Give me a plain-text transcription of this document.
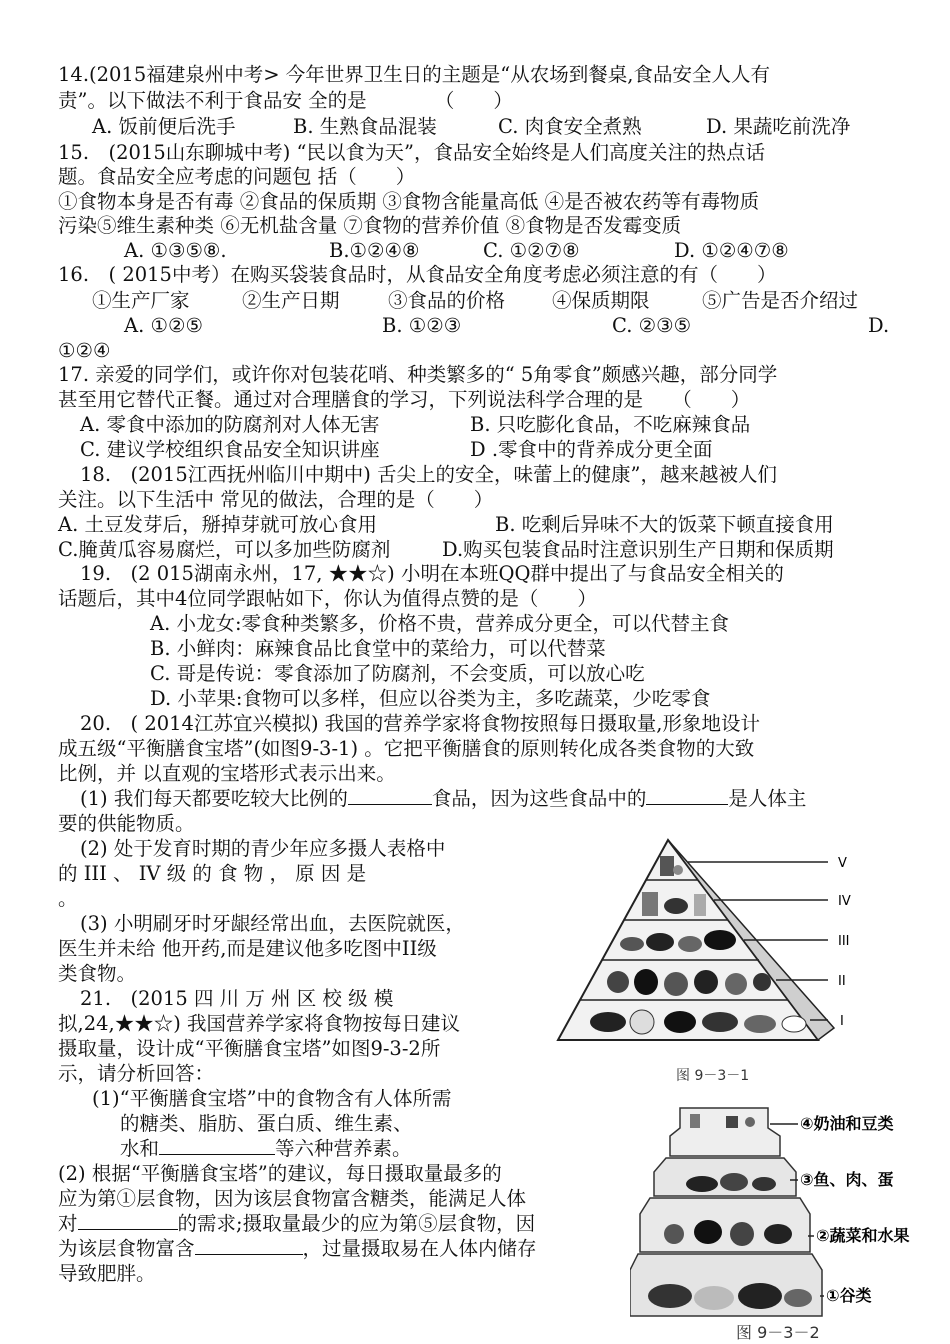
14.(2015福建泉州中考> 今年世界卫生日的主题是“从农场到餐桌,食品安全人人有
责”。以下做法不利于食品安 全的是　　　　（　　）
A. 饭前便后洗手	B. 生熟食品混装	C. 肉食安全煮熟	D. 果蔬吃前洗净
15.　(2015山东聊城中考) “民以食为天”，食品安全始终是人们高度关注的热点话
题。食品安全应考虑的问题包 括（　　）
①食物本身是否有毒 ②食品的保质期 ③食物含能量高低 ④是否被农药等有毒物质
污染⑤维生素种类 ⑥无机盐含量 ⑦食物的营养价值 ⑧食物是否发霉变质
A. ①③⑤⑧.	B.①②④⑧	C. ①②⑦⑧	D. ①②④⑦⑧
16.　( 2015中考）在购买袋装食品时，从食品安全角度考虑必须注意的有（　　）
①生产厂家	②生产日期 ③食品的价格 ④保质期限	⑤广告是否介绍过
A. ①②⑤	B. ①②③	C. ②③⑤	D.
①②④
17. 亲爱的同学们，或许你对包装花哨、种类繁多的“ 5角零食”颇感兴趣，部分同学
甚至用它替代正餐。通过对合理膳食的学习，下列说法科学合理的是　　（　　）
A. 零食中添加的防腐剂对人体无害	B. 只吃膨化食品，不吃麻辣食品
C. 建议学校组织食品安全知识讲座	D .零食中的背养成分更全面
18.　(2015江西抚州临川中期中) 舌尖上的安全，味蕾上的健康”，越来越被人们
关注。以下生活中 常见的做法，合理的是（　　）
A. 土豆发芽后，掰掉芽就可放心食用	B. 吃剩后异味不大的饭菜下顿直接食用
C.腌黄瓜容易腐烂，可以多加些防腐剂	D.购买包装食品时注意识别生产日期和保质期
19.　(2 015湖南永州，17, ★★☆) 小明在本班QQ群中提出了与食品安全相关的
话题后，其中4位同学跟帖如下，你认为值得点赞的是（　　）
A. 小龙女:零食种类繁多，价格不贵，营养成分更全，可以代替主食
B. 小鲜肉：麻辣食品比食堂中的菜给力，可以代替菜
C. 哥是传说：零食添加了防腐剂，不会变质，可以放心吃
D. 小苹果:食物可以多样，但应以谷类为主，多吃蔬菜，少吃零食
20.　( 2014江苏宜兴模拟) 我国的营养学家将食物按照每日摄取量,形象地设计
成五级“平衡膳食宝塔”(如图9-3-1) 。它把平衡膳食的原则转化成各类食物的大致
比例，并 以直观的宝塔形式表示出来。
(1) 我们每天都要吃较大比例的	食品，因为这些食品中的	是人体主
要的供能物质。
(2) 处于发育时期的青少年应多摄人表格中
的 III 、 IV 级 的 食 物 ， 原 因 是
。
(3) 小明刷牙时牙龈经常出血，去医院就医，
医生并未给 他开药,而是建议他多吃图中II级
类食物。
21.　(2015 四 川 万 州 区 校 级 模
拟,24,★★☆) 我国营养学家将食物按每日建议
摄取量，设计成“平衡膳食宝塔”如图9-3-2所
示，请分析回答：
(1)“平衡膳食宝塔”中的食物含有人体所需
的糖类、脂肪、蛋白质、维生素、
水和	等六种营养素。
(2) 根据“平衡膳食宝塔”的建议，每日摄取量最多的
应为第①层食物，因为该层食物富含糖类，能满足人体
对	的需求;摄取量最少的应为第⑤层食物，因
为该层食物富含	，过量摄取易在人体内储存
导致肥胖。
V
IV
III
II
I
图 9－3－1
④奶油和豆类
③鱼、肉、蛋
②蔬菜和水果
①谷类
图 9－3－2
